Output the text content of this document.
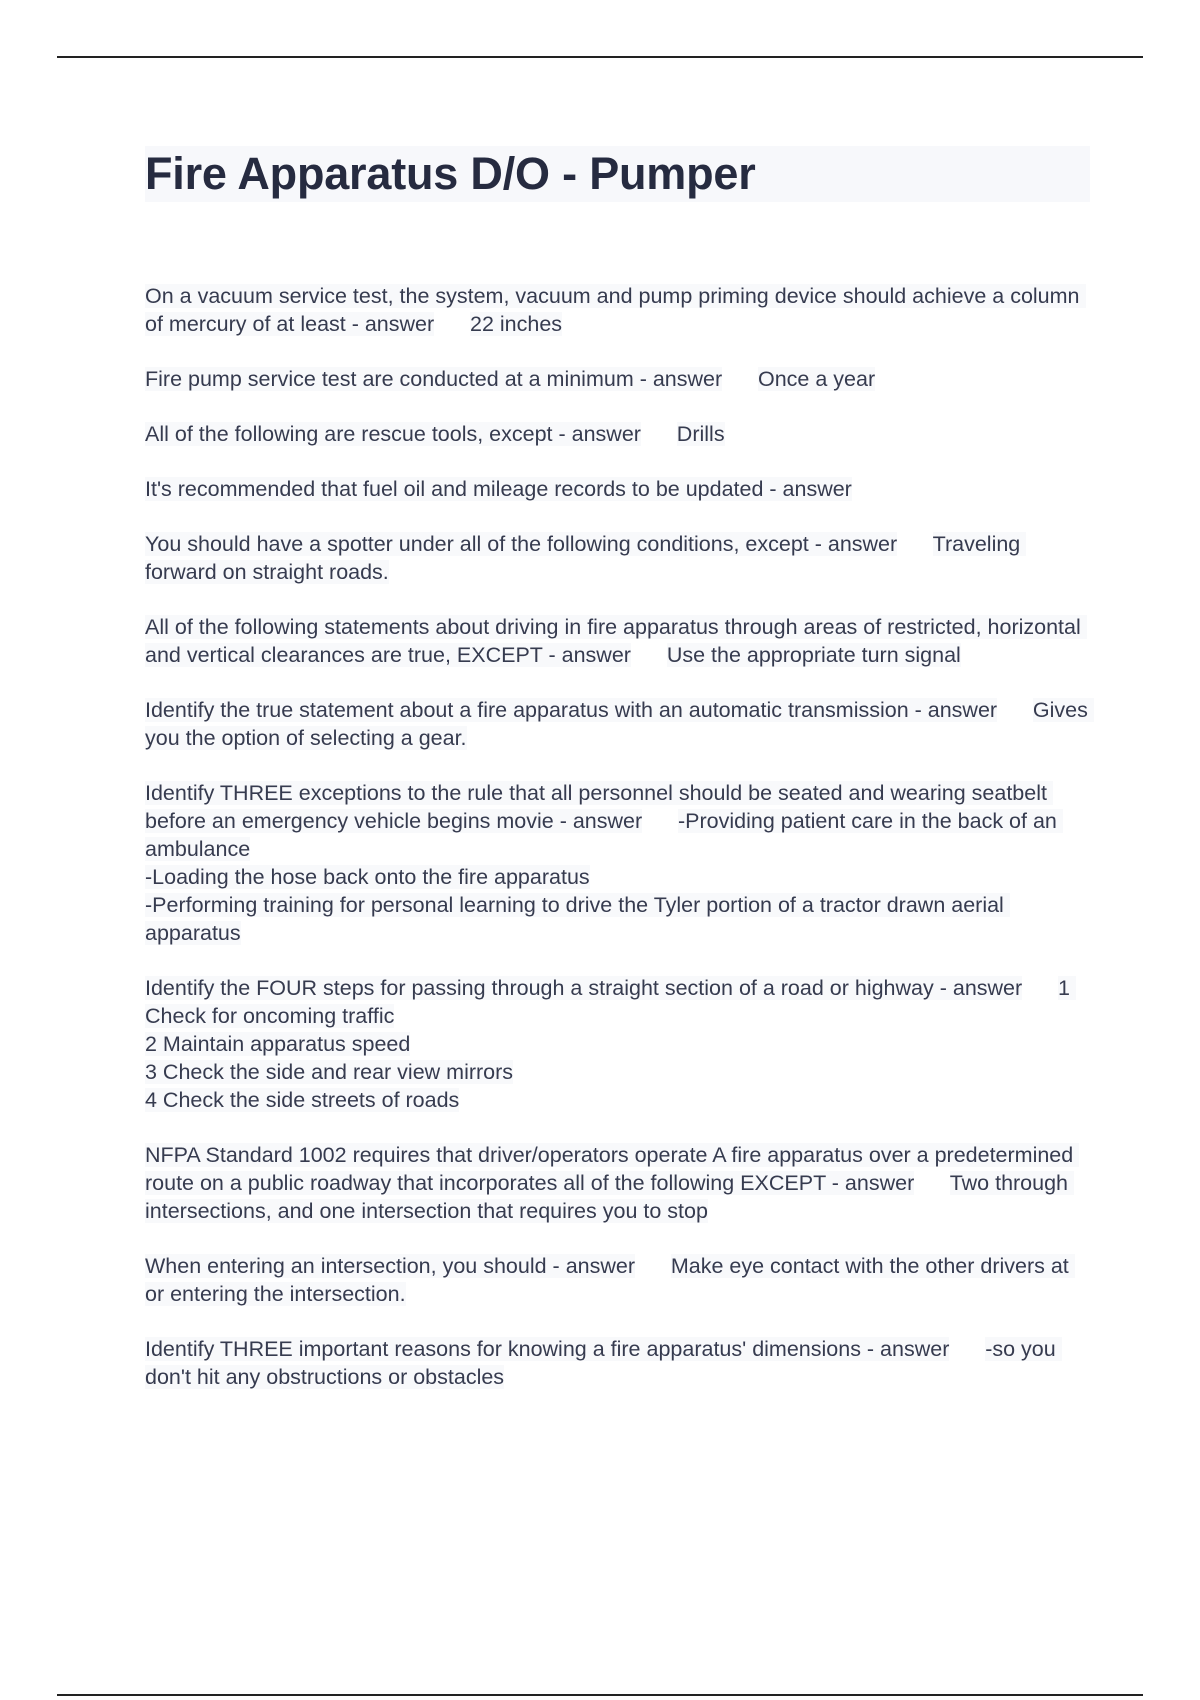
Fire Apparatus D/O - Pumper

On a vacuum service test, the system, vacuum and pump priming device should achieve a column of mercury of at least - answer 22 inches

Fire pump service test are conducted at a minimum - answer Once a year

All of the following are rescue tools, except - answer Drills

It's recommended that fuel oil and mileage records to be updated - answer

You should have a spotter under all of the following conditions, except - answer Traveling forward on straight roads.

All of the following statements about driving in fire apparatus through areas of restricted, horizontal and vertical clearances are true, EXCEPT - answer Use the appropriate turn signal

Identify the true statement about a fire apparatus with an automatic transmission - answer Gives you the option of selecting a gear.

Identify THREE exceptions to the rule that all personnel should be seated and wearing seatbelt before an emergency vehicle begins movie - answer -Providing patient care in the back of an ambulance
-Loading the hose back onto the fire apparatus
-Performing training for personal learning to drive the Tyler portion of a tractor drawn aerial apparatus

Identify the FOUR steps for passing through a straight section of a road or highway - answer 1 Check for oncoming traffic
2 Maintain apparatus speed
3 Check the side and rear view mirrors
4 Check the side streets of roads

NFPA Standard 1002 requires that driver/operators operate A fire apparatus over a predetermined route on a public roadway that incorporates all of the following EXCEPT - answer Two through intersections, and one intersection that requires you to stop

When entering an intersection, you should - answer Make eye contact with the other drivers at or entering the intersection.

Identify THREE important reasons for knowing a fire apparatus' dimensions - answer -so you don't hit any obstructions or obstacles
